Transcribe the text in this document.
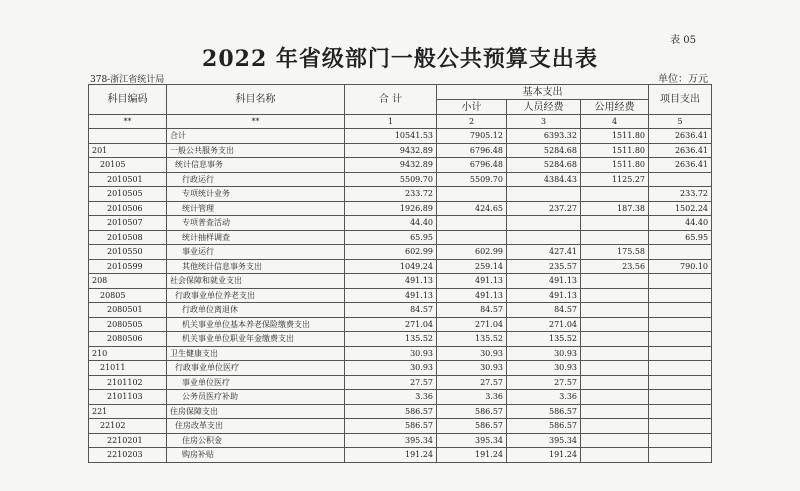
表 05
2022 年省级部门一般公共预算支出表
378-浙江省统计局	单位：万元
科目编码	科目名称	合 计	基本支出			项目支出
			小计	人员经费	公用经费	
**	**	1	2	3	4	5
	合计	10541.53	7905.12	6393.32	1511.80	2636.41
201	一般公共服务支出	9432.89	6796.48	5284.68	1511.80	2636.41
20105	统计信息事务	9432.89	6796.48	5284.68	1511.80	2636.41
2010501	行政运行	5509.70	5509.70	4384.43	1125.27	
2010505	专项统计业务	233.72				233.72
2010506	统计管理	1926.89	424.65	237.27	187.38	1502.24
2010507	专项普查活动	44.40				44.40
2010508	统计抽样调查	65.95				65.95
2010550	事业运行	602.99	602.99	427.41	175.58	
2010599	其他统计信息事务支出	1049.24	259.14	235.57	23.56	790.10
208	社会保障和就业支出	491.13	491.13	491.13		
20805	行政事业单位养老支出	491.13	491.13	491.13		
2080501	行政单位离退休	84.57	84.57	84.57		
2080505	机关事业单位基本养老保险缴费支出	271.04	271.04	271.04		
2080506	机关事业单位职业年金缴费支出	135.52	135.52	135.52		
210	卫生健康支出	30.93	30.93	30.93		
21011	行政事业单位医疗	30.93	30.93	30.93		
2101102	事业单位医疗	27.57	27.57	27.57		
2101103	公务员医疗补助	3.36	3.36	3.36		
221	住房保障支出	586.57	586.57	586.57		
22102	住房改革支出	586.57	586.57	586.57		
2210201	住房公积金	395.34	395.34	395.34		
2210203	购房补贴	191.24	191.24	191.24		
